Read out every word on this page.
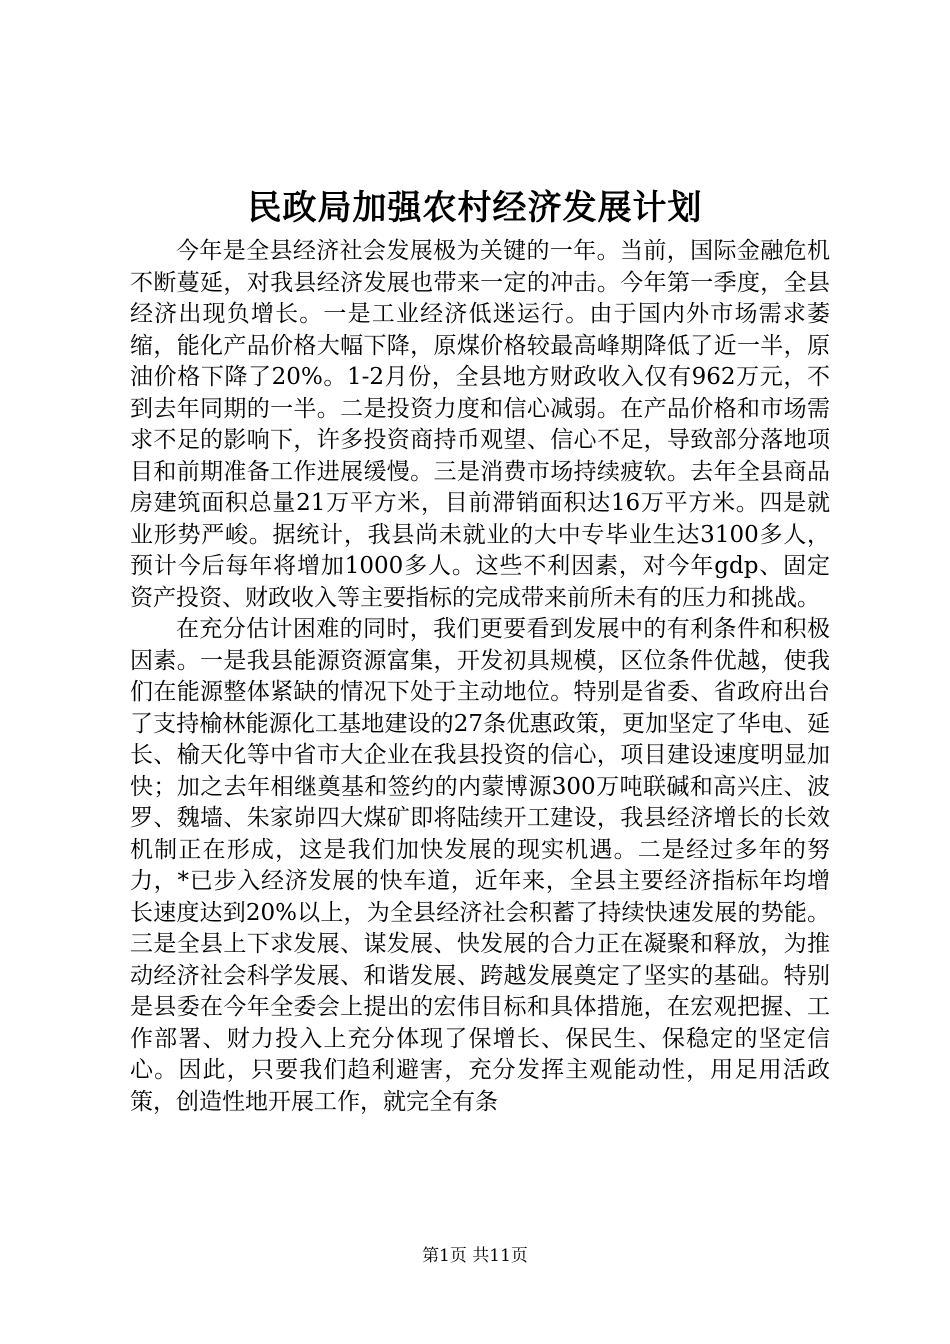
民政局加强农村经济发展计划

今年是全县经济社会发展极为关键的一年。当前，国际金融危机不断蔓延，对我县经济发展也带来一定的冲击。今年第一季度，全县经济出现负增长。一是工业经济低迷运行。由于国内外市场需求萎缩，能化产品价格大幅下降，原煤价格较最高峰期降低了近一半，原油价格下降了20%。1-2月份，全县地方财政收入仅有962万元，不到去年同期的一半。二是投资力度和信心减弱。在产品价格和市场需求不足的影响下，许多投资商持币观望、信心不足，导致部分落地项目和前期准备工作进展缓慢。三是消费市场持续疲软。去年全县商品房建筑面积总量21万平方米，目前滞销面积达16万平方米。四是就业形势严峻。据统计，我县尚未就业的大中专毕业生达3100多人，预计今后每年将增加1000多人。这些不利因素，对今年gdp、固定资产投资、财政收入等主要指标的完成带来前所未有的压力和挑战。

在充分估计困难的同时，我们更要看到发展中的有利条件和积极因素。一是我县能源资源富集，开发初具规模，区位条件优越，使我们在能源整体紧缺的情况下处于主动地位。特别是省委、省政府出台了支持榆林能源化工基地建设的27条优惠政策，更加坚定了华电、延长、榆天化等中省市大企业在我县投资的信心，项目建设速度明显加快；加之去年相继奠基和签约的内蒙博源300万吨联碱和高兴庄、波罗、魏墙、朱家峁四大煤矿即将陆续开工建设，我县经济增长的长效机制正在形成，这是我们加快发展的现实机遇。二是经过多年的努力，*已步入经济发展的快车道，近年来，全县主要经济指标年均增长速度达到20%以上，为全县经济社会积蓄了持续快速发展的势能。三是全县上下求发展、谋发展、快发展的合力正在凝聚和释放，为推动经济社会科学发展、和谐发展、跨越发展奠定了坚实的基础。特别是县委在今年全委会上提出的宏伟目标和具体措施，在宏观把握、工作部署、财力投入上充分体现了保增长、保民生、保稳定的坚定信心。因此，只要我们趋利避害，充分发挥主观能动性，用足用活政策，创造性地开展工作，就完全有条

第1页 共11页
